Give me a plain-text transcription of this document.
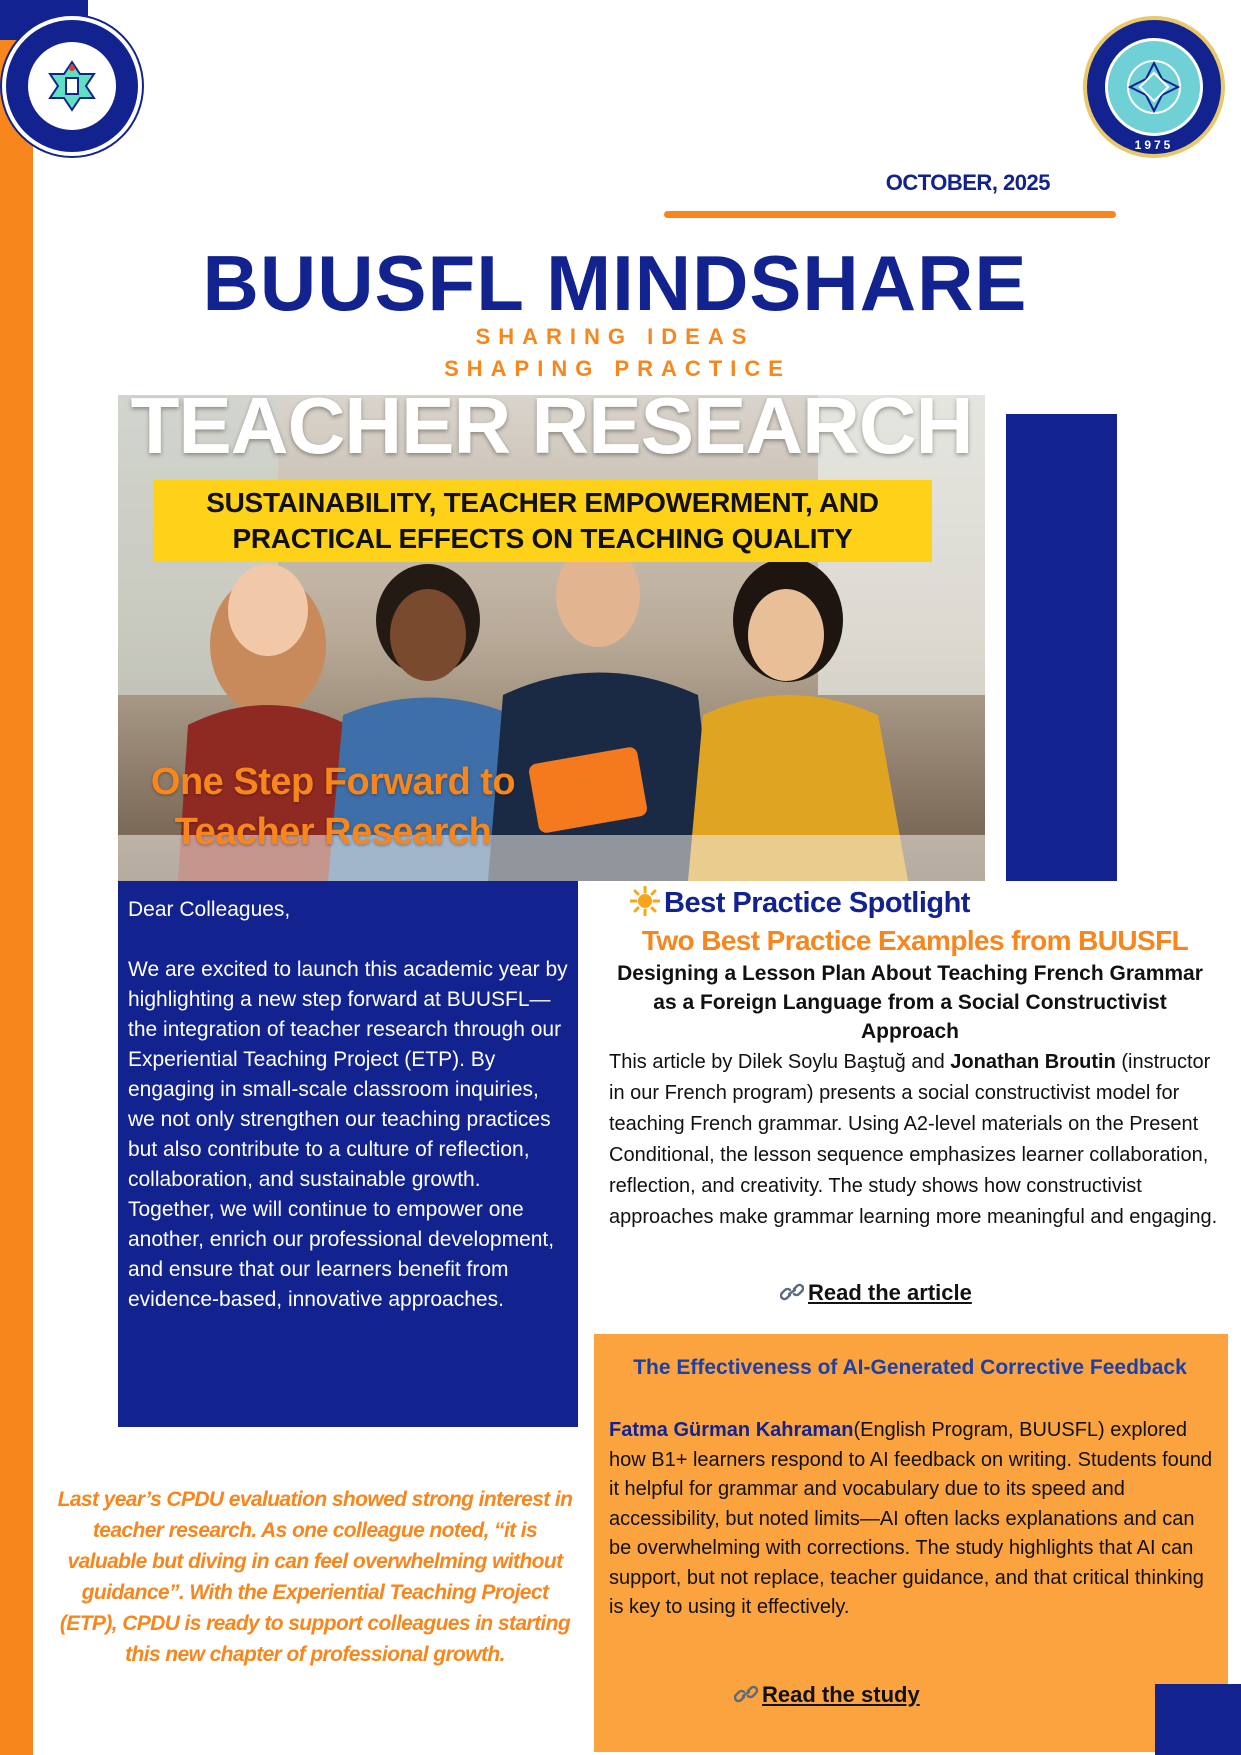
1975
OCTOBER, 2025
BUUSFL MINDSHARE
SHARING IDEAS
SHAPING PRACTICE
TEACHER RESEARCH
SUSTAINABILITY, TEACHER EMPOWERMENT, AND
PRACTICAL EFFECTS ON TEACHING QUALITY
One Step Forward to
Teacher Research

Dear Colleagues,

We are excited to launch this academic year by highlighting a new step forward at BUUSFL—the integration of teacher research through our Experiential Teaching Project (ETP). By engaging in small-scale classroom inquiries, we not only strengthen our teaching practices but also contribute to a culture of reflection, collaboration, and sustainable growth.

Together, we will continue to empower one another, enrich our professional development, and ensure that our learners benefit from evidence-based, innovative approaches.

Last year’s CPDU evaluation showed strong interest in teacher research. As one colleague noted, “it is valuable but diving in can feel overwhelming without guidance”. With the Experiential Teaching Project (ETP), CPDU is ready to support colleagues in starting this new chapter of professional growth.
Best Practice Spotlight
Two Best Practice Examples from BUUSFL
Designing a Lesson Plan About Teaching French Grammar as a Foreign Language from a Social Constructivist Approach
This article by Dilek Soylu Baştuğ and Jonathan Broutin (instructor in our French program) presents a social constructivist model for teaching French grammar. Using A2-level materials on the Present Conditional, the lesson sequence emphasizes learner collaboration, reflection, and creativity. The study shows how constructivist approaches make grammar learning more meaningful and engaging.
Read the article
The Effectiveness of AI-Generated Corrective Feedback
Fatma Gürman Kahraman(English Program, BUUSFL) explored how B1+ learners respond to AI feedback on writing. Students found it helpful for grammar and vocabulary due to its speed and accessibility, but noted limits—AI often lacks explanations and can be overwhelming with corrections. The study highlights that AI can support, but not replace, teacher guidance, and that critical thinking is key to using it effectively.
Read the study
